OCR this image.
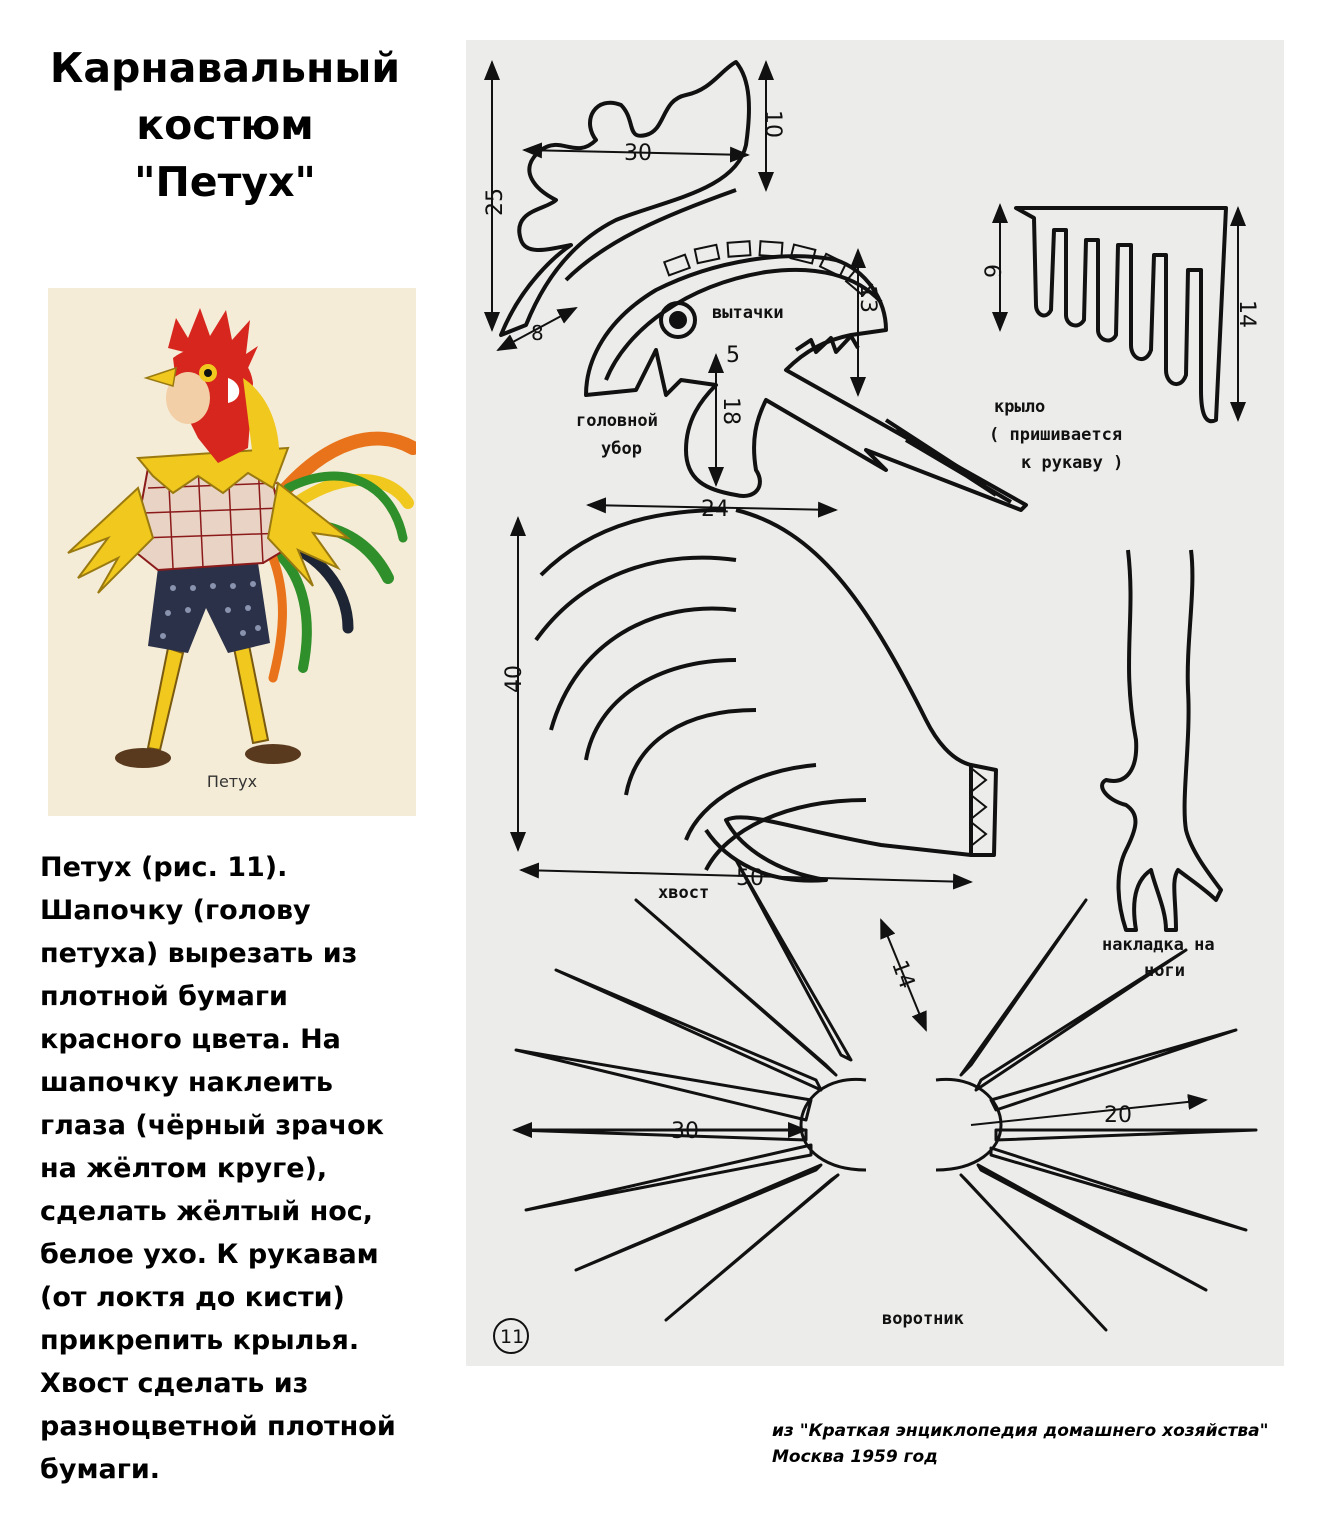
Карнавальный
костюм
"Петух"
Петух
Петух (рис. 11).
Шапочку (голову
петуха) вырезать из
плотной бумаги
красного цвета. На
шапочку наклеить
глаза (чёрный зрачок
на жёлтом круге),
сделать жёлтый нос,
белое ухо. К рукавам
(от локтя до кисти)
прикрепить крылья.
Хвост сделать из
разноцветной плотной
бумаги.
30
10
25
8
5
18
13
24
9
14
40
50
14
30
20
вытачки
головной
убор
крыло
( пришивается
к рукаву )
хвост
накладка на
ноги
воротник
11
из "Краткая энциклопедия домашнего хозяйства"
Москва 1959 год
